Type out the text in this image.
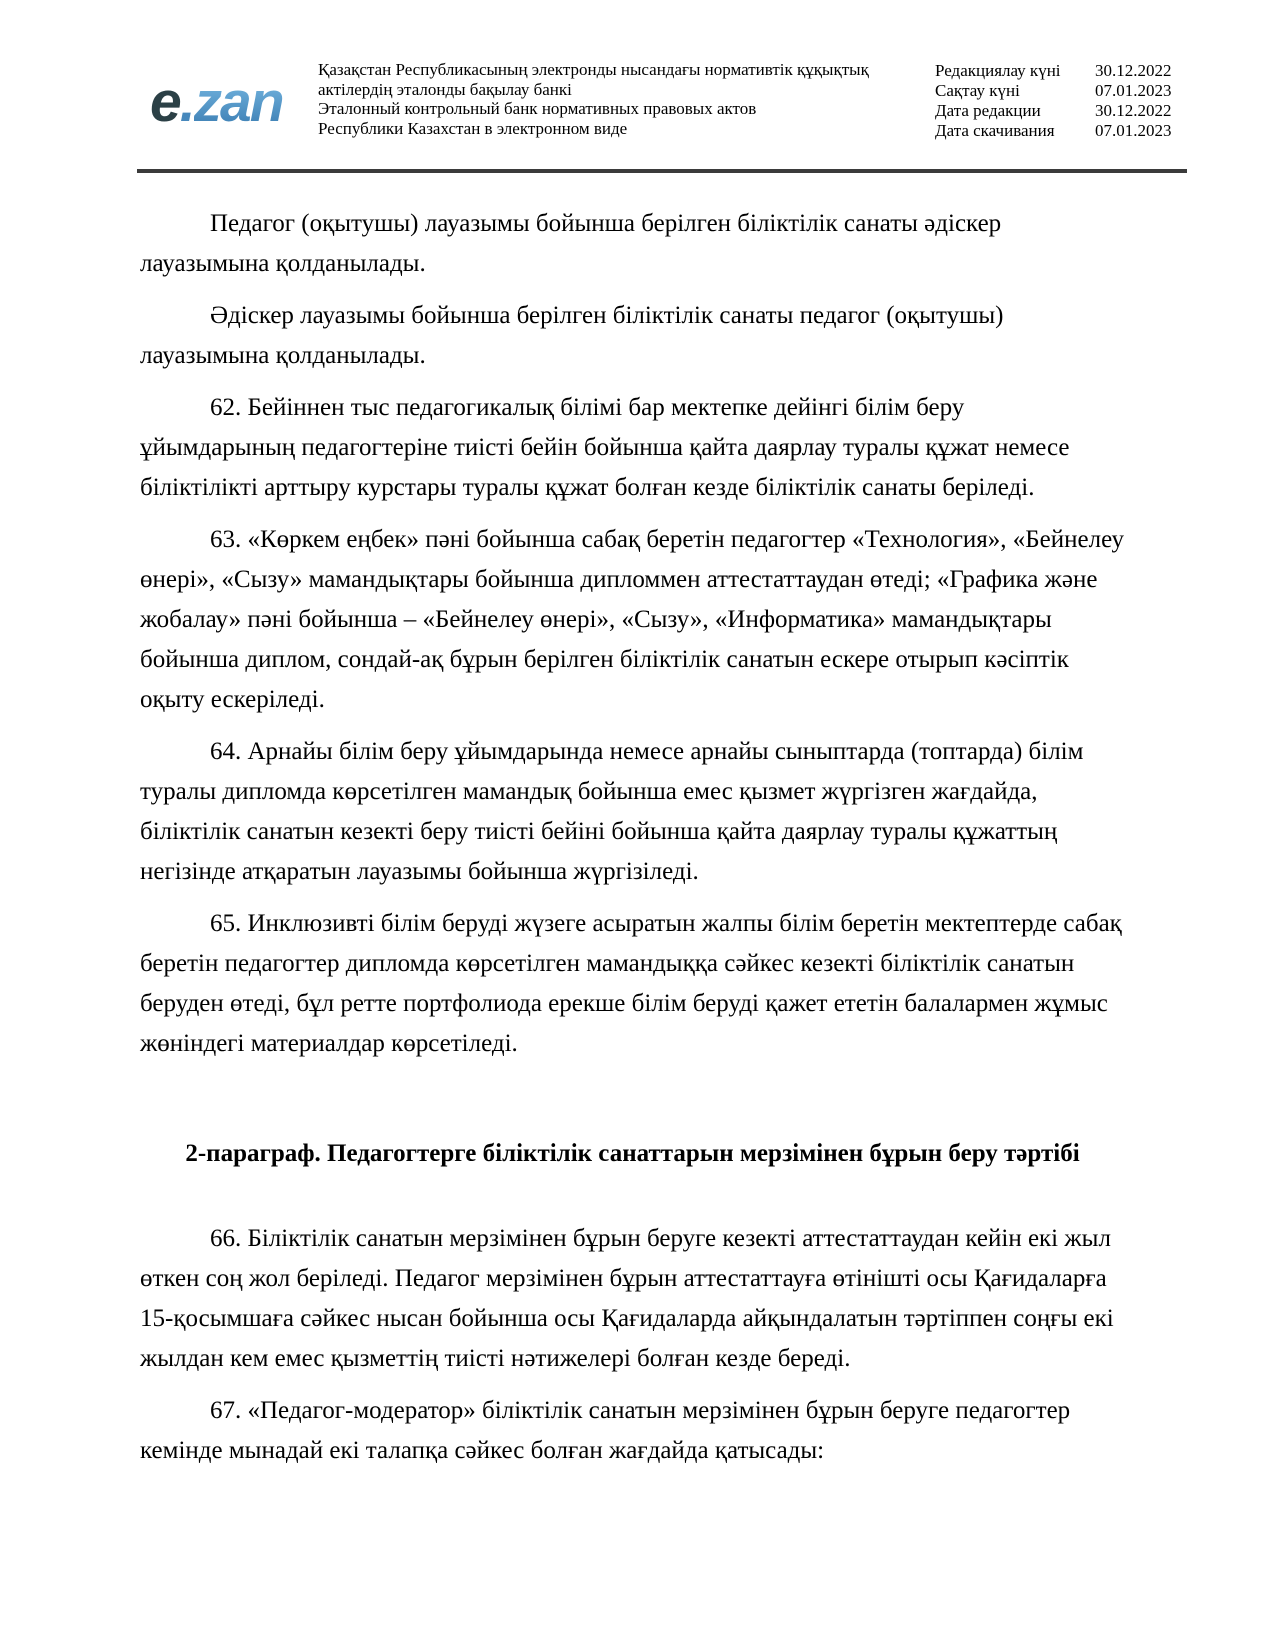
e.zan
Қазақстан Республикасының электронды нысандағы нормативтік құқықтық
актілердің эталонды бақылау банкі
Эталонный контрольный банк нормативных правовых актов
Республики Казахстан в электронном виде
Редакциялау күні	30.12.2022
Сақтау күні	07.01.2023
Дата редакции	30.12.2022
Дата скачивания	07.01.2023

Педагог (оқытушы) лауазымы бойынша берілген біліктілік санаты әдіскер лауазымына қолданылады.

Әдіскер лауазымы бойынша берілген біліктілік санаты педагог (оқытушы) лауазымына қолданылады.

62. Бейіннен тыс педагогикалық білімі бар мектепке дейінгі білім беру ұйымдарының педагогтеріне тиісті бейін бойынша қайта даярлау туралы құжат немесе біліктілікті арттыру курстары туралы құжат болған кезде біліктілік санаты беріледі.

63. «Көркем еңбек» пәні бойынша сабақ беретін педагогтер «Технология», «Бейнелеу өнері», «Сызу» мамандықтары бойынша дипломмен аттестаттаудан өтеді; «Графика және жобалау» пәні бойынша – «Бейнелеу өнері», «Сызу», «Информатика» мамандықтары бойынша диплом, сондай-ақ бұрын берілген біліктілік санатын ескере отырып кәсіптік оқыту ескеріледі.

64. Арнайы білім беру ұйымдарында немесе арнайы сыныптарда (топтарда) білім туралы дипломда көрсетілген мамандық бойынша емес қызмет жүргізген жағдайда, біліктілік санатын кезекті беру тиісті бейіні бойынша қайта даярлау туралы құжаттың негізінде атқаратын лауазымы бойынша жүргізіледі.

65. Инклюзивті білім беруді жүзеге асыратын жалпы білім беретін мектептерде сабақ беретін педагогтер дипломда көрсетілген мамандыққа сәйкес кезекті біліктілік санатын беруден өтеді, бұл ретте портфолиода ерекше білім беруді қажет ететін балалармен жұмыс жөніндегі материалдар көрсетіледі.

2-параграф. Педагогтерге біліктілік санаттарын мерзімінен бұрын беру тәртібі

66. Біліктілік санатын мерзімінен бұрын беруге кезекті аттестаттаудан кейін екі жыл өткен соң жол беріледі. Педагог мерзімінен бұрын аттестаттауға өтінішті осы Қағидаларға 15-қосымшаға сәйкес нысан бойынша осы Қағидаларда айқындалатын тәртіппен соңғы екі жылдан кем емес қызметтің тиісті нәтижелері болған кезде береді.

67. «Педагог-модератор» біліктілік санатын мерзімінен бұрын беруге педагогтер кемінде мынадай екі талапқа сәйкес болған жағдайда қатысады:
